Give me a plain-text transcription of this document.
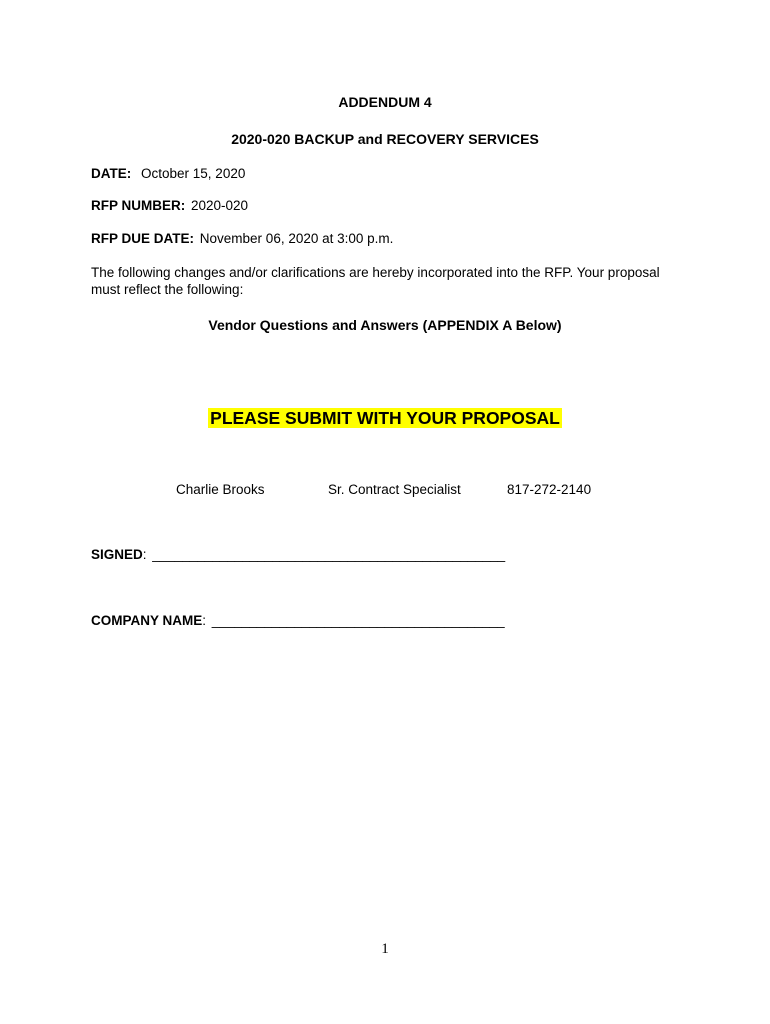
ADDENDUM 4
2020-020 BACKUP and RECOVERY SERVICES
DATE: October 15, 2020
RFP NUMBER: 2020-020
RFP DUE DATE: November 06, 2020 at 3:00 p.m.
The following changes and/or clarifications are hereby incorporated into the RFP. Your proposal must reflect the following:
Vendor Questions and Answers (APPENDIX A Below)
PLEASE SUBMIT WITH YOUR PROPOSAL
Charlie Brooks	Sr. Contract Specialist	817-272-2140
SIGNED: _______________________________________________
COMPANY NAME: _______________________________________
1
